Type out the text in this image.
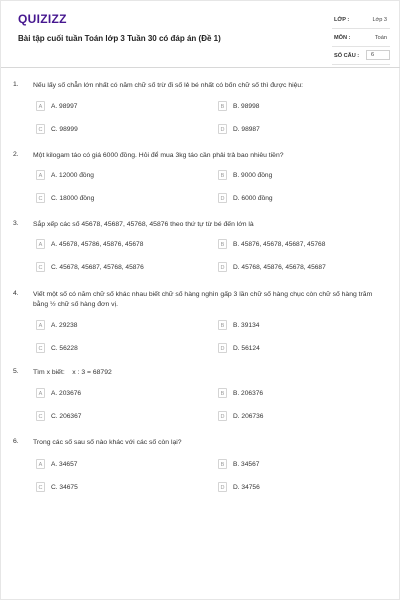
QUIZIZZ
Bài tập cuối tuần Toán lớp 3 Tuần 30 có đáp án (Đề 1)
LỚP :	Lớp 3
MÔN :	Toán
SỐ CÂU :	6
1. Nếu lấy số chẵn lớn nhất có năm chữ số trừ đi số lẻ bé nhất có bốn chữ số thì được hiệu:
A	A. 98997	B	B. 98998
C	C. 98999	D	D. 98987
2. Một kilogam táo có giá 6000 đồng. Hỏi để mua 3kg táo cần phải trả bao nhiêu tiền?
A	A. 12000 đồng	B	B. 9000 đồng
C	C. 18000 đồng	D	D. 6000 đồng
3. Sắp xếp các số 45678, 45687, 45768, 45876 theo thứ tự từ bé đến lớn là
A	A. 45678, 45786, 45876, 45678	B	B. 45876, 45678, 45687, 45768
C	C. 45678, 45687, 45768, 45876	D	D. 45768, 45876, 45678, 45687
4. Viết một số có năm chữ số khác nhau biết chữ số hàng nghìn gấp 3 lần chữ số hàng chục còn chữ số hàng trăm bằng ½ chữ số hàng đơn vị.
A	A. 29238	B	B. 39134
C	C. 56228	D	D. 56124
5. Tìm x biết:    x : 3 = 68792
A	A. 203676	B	B. 206376
C	C. 206367	D	D. 206736
6. Trong các số sau số nào khác với các số còn lại?
A	A. 34657	B	B. 34567
C	C. 34675	D	D. 34756
